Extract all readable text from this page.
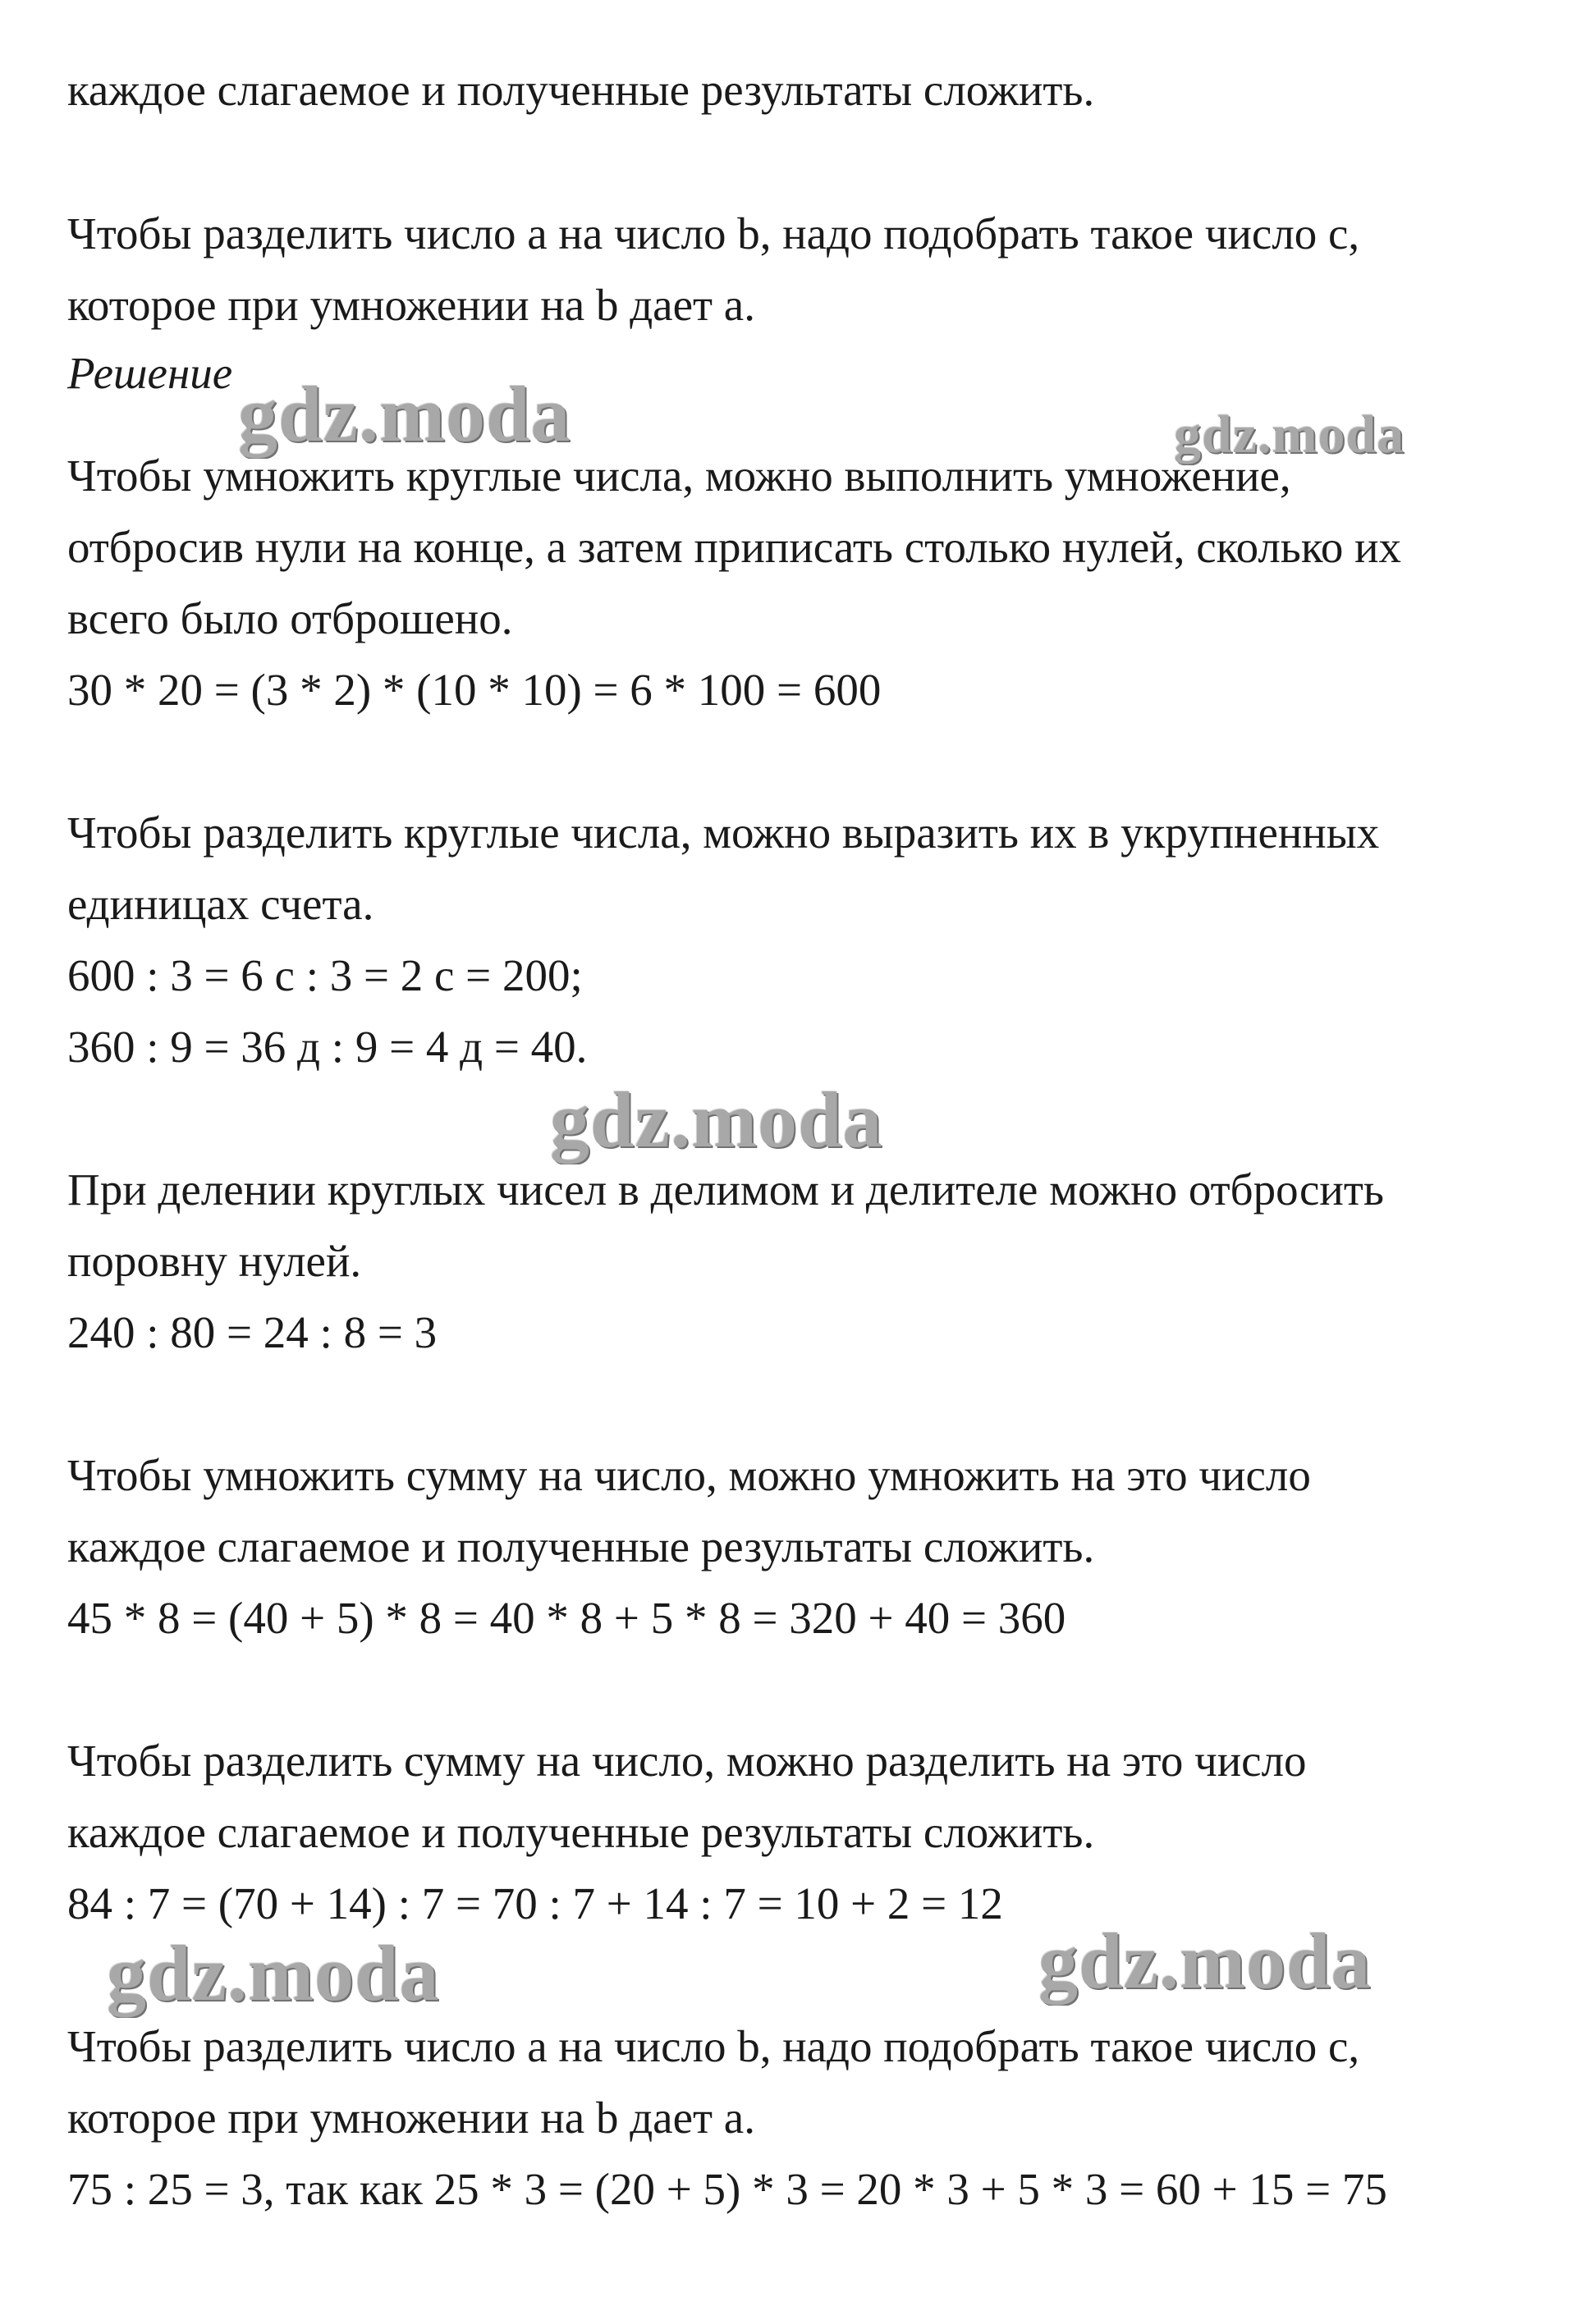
каждое слагаемое и полученные результаты сложить.
Чтобы разделить число a на число b, надо подобрать такое число c,
которое при умножении на b дает a.
Решение
Чтобы умножить круглые числа, можно выполнить умножение,
отбросив нули на конце, а затем приписать столько нулей, сколько их
всего было отброшено.
30 * 20 = (3 * 2) * (10 * 10) = 6 * 100 = 600
Чтобы разделить круглые числа, можно выразить их в укрупненных
единицах счета.
600 : 3 = 6 с : 3 = 2 с = 200;
360 : 9 = 36 д : 9 = 4 д = 40.
При делении круглых чисел в делимом и делителе можно отбросить
поровну нулей.
240 : 80 = 24 : 8 = 3
Чтобы умножить сумму на число, можно умножить на это число
каждое слагаемое и полученные результаты сложить.
45 * 8 = (40 + 5) * 8 = 40 * 8 + 5 * 8 = 320 + 40 = 360
Чтобы разделить сумму на число, можно разделить на это число
каждое слагаемое и полученные результаты сложить.
84 : 7 = (70 + 14) : 7 = 70 : 7 + 14 : 7 = 10 + 2 = 12
Чтобы разделить число a на число b, надо подобрать такое число c,
которое при умножении на b дает a.
75 : 25 = 3, так как 25 * 3 = (20 + 5) * 3 = 20 * 3 + 5 * 3 = 60 + 15 = 75
gdz.moda	gdz.moda
gdz.moda
gdz.moda	gdz.moda
